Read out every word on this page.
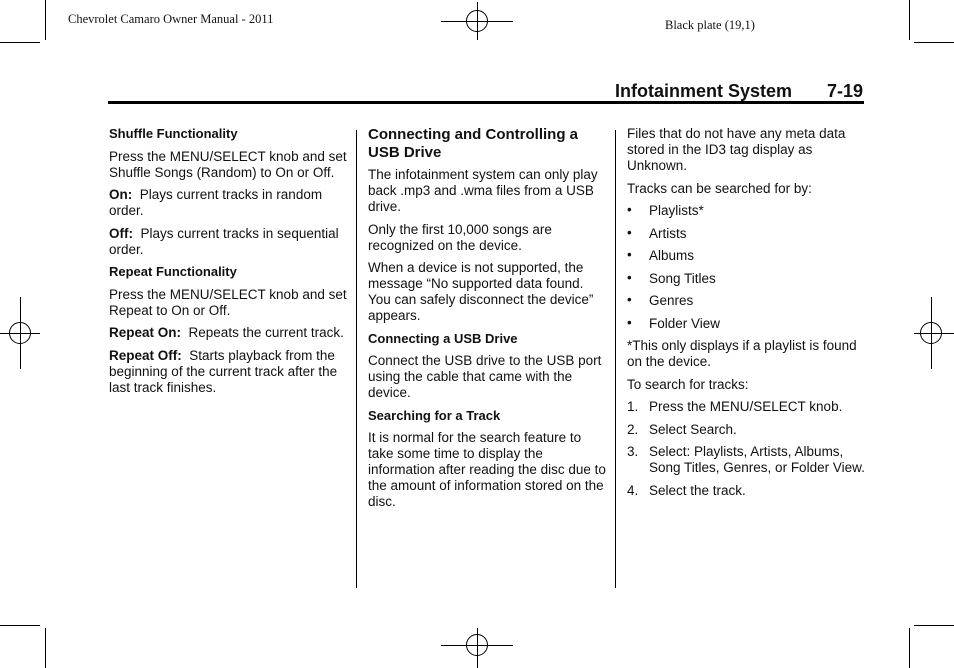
Chevrolet Camaro Owner Manual - 2011	Black plate (19,1)
Infotainment System 7-19
Shuffle Functionality

Press the MENU/SELECT knob and set Shuffle Songs (Random) to On or Off.

On: Plays current tracks in random order.

Off: Plays current tracks in sequential order.

Repeat Functionality

Press the MENU/SELECT knob and set Repeat to On or Off.

Repeat On: Repeats the current track.

Repeat Off: Starts playback from the beginning of the current track after the last track finishes.

Connecting and Controlling a USB Drive

The infotainment system can only play back .mp3 and .wma files from a USB drive.

Only the first 10,000 songs are recognized on the device.

When a device is not supported, the message “No supported data found. You can safely disconnect the device” appears.

Connecting a USB Drive

Connect the USB drive to the USB port using the cable that came with the device.

Searching for a Track

It is normal for the search feature to take some time to display the information after reading the disc due to the amount of information stored on the disc.

Files that do not have any meta data stored in the ID3 tag display as Unknown.

Tracks can be searched for by:

• Playlists*
• Artists
• Albums
• Song Titles
• Genres
• Folder View

*This only displays if a playlist is found on the device.

To search for tracks:

1. Press the MENU/SELECT knob.
2. Select Search.
3. Select: Playlists, Artists, Albums, Song Titles, Genres, or Folder View.
4. Select the track.
